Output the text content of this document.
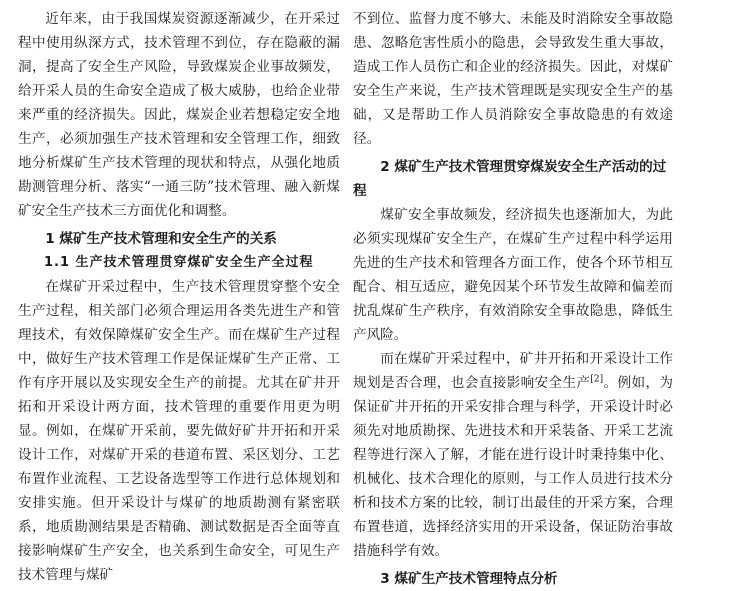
近年来，由于我国煤炭资源逐渐减少，在开采过程中使用纵深方式，技术管理不到位，存在隐蔽的漏洞，提高了安全生产风险，导致煤炭企业事故频发，给开采人员的生命安全造成了极大威胁，也给企业带来严重的经济损失。因此，煤炭企业若想稳定安全地生产，必须加强生产技术管理和安全管理工作，细致地分析煤矿生产技术管理的现状和特点，从强化地质勘测管理分析、落实“一通三防”技术管理、融入新煤矿安全生产技术三方面优化和调整。

1 煤矿生产技术管理和安全生产的关系
1.1 生产技术管理贯穿煤矿安全生产全过程

在煤矿开采过程中，生产技术管理贯穿整个安全生产过程，相关部门必须合理运用各类先进生产和管理技术，有效保障煤矿安全生产。而在煤矿生产过程中，做好生产技术管理工作是保证煤矿生产正常、工作有序开展以及实现安全生产的前提。尤其在矿井开拓和开采设计两方面，技术管理的重要作用更为明显。例如，在煤矿开采前，要先做好矿井开拓和开采设计工作，对煤矿开采的巷道布置、采区划分、工艺布置作业流程、工艺设备选型等工作进行总体规划和安排实施。但开采设计与煤矿的地质勘测有紧密联系，地质勘测结果是否精确、测试数据是否全面等直接影响煤矿生产安全，也关系到生命安全，可见生产技术管理与煤矿

不到位、监督力度不够大、未能及时消除安全事故隐患、忽略危害性质小的隐患，会导致发生重大事故，造成工作人员伤亡和企业的经济损失。因此，对煤矿安全生产来说，生产技术管理既是实现安全生产的基础，又是帮助工作人员消除安全事故隐患的有效途径。

2 煤矿生产技术管理贯穿煤炭安全生产活动的过程

煤矿安全事故频发，经济损失也逐渐加大，为此必须实现煤矿安全生产，在煤矿生产过程中科学运用先进的生产技术和管理各方面工作，使各个环节相互配合、相互适应，避免因某个环节发生故障和偏差而扰乱煤矿生产秩序，有效消除安全事故隐患，降低生产风险。

而在煤矿开采过程中，矿井开拓和开采设计工作规划是否合理，也会直接影响安全生产[2]。例如，为保证矿井开拓的开采安排合理与科学，开采设计时必须先对地质勘探、先进技术和开采装备、开采工艺流程等进行深入了解，才能在进行设计时秉持集中化、机械化、技术合理化的原则，与工作人员进行技术分析和技术方案的比较，制订出最佳的开采方案，合理布置巷道，选择经济实用的开采设备，保证防治事故措施科学有效。

3 煤矿生产技术管理特点分析
